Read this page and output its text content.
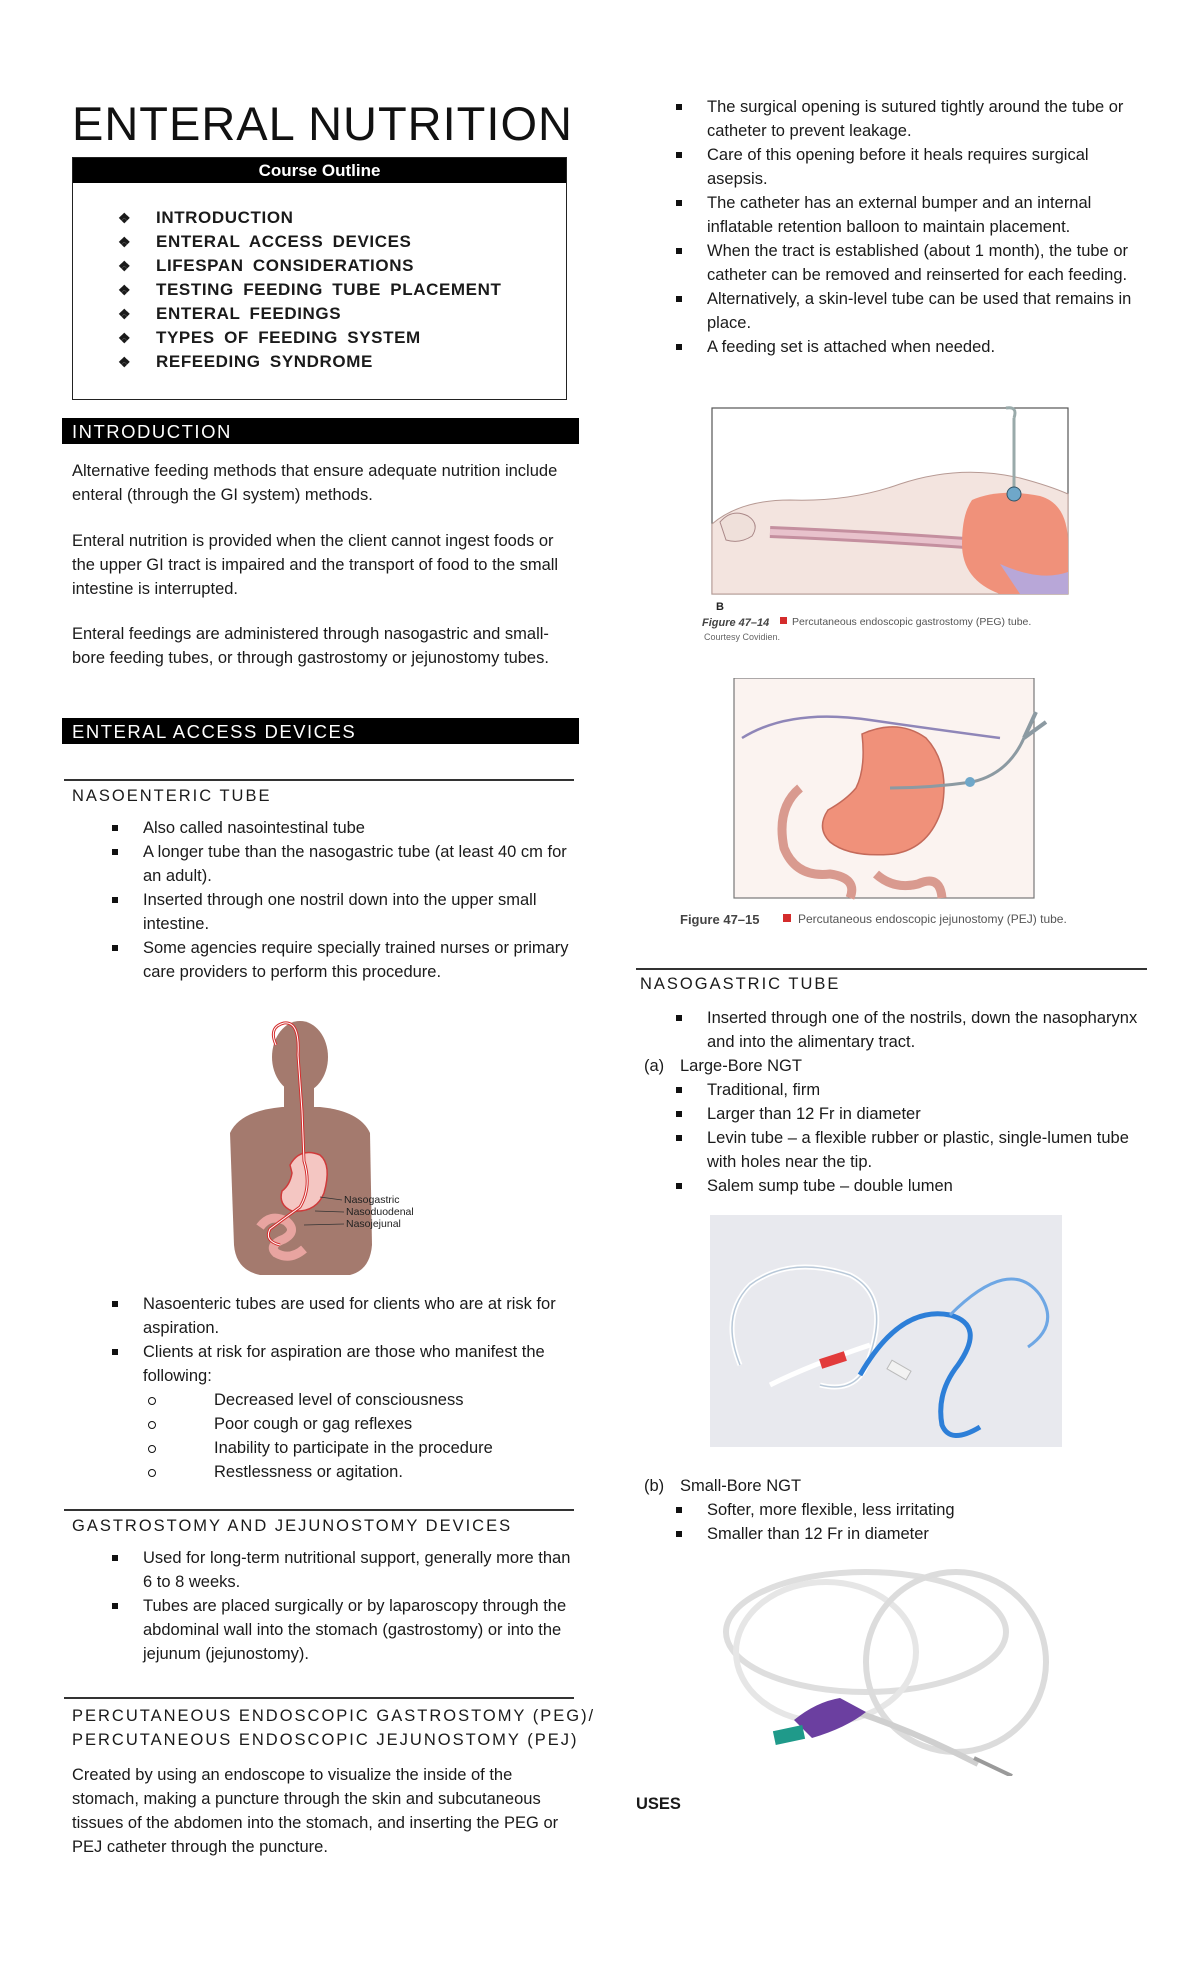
ENTERAL NUTRITION
Course Outline
❖ INTRODUCTION
❖ ENTERAL ACCESS DEVICES
❖ LIFESPAN CONSIDERATIONS
❖ TESTING FEEDING TUBE PLACEMENT
❖ ENTERAL FEEDINGS
❖ TYPES OF FEEDING SYSTEM
❖ REFEEDING SYNDROME
INTRODUCTION

Alternative feeding methods that ensure adequate nutrition include enteral (through the GI system) methods.

Enteral nutrition is provided when the client cannot ingest foods or the upper GI tract is impaired and the transport of food to the small intestine is interrupted.

Enteral feedings are administered through nasogastric and small-bore feeding tubes, or through gastrostomy or jejunostomy tubes.

ENTERAL ACCESS DEVICES

NASOENTERIC TUBE

Also called nasointestinal tube
A longer tube than the nasogastric tube (at least 40 cm for an adult).
Inserted through one nostril down into the upper small intestine.
Some agencies require specially trained nurses or primary care providers to perform this procedure.
Nasogastric
Nasoduodenal
Nasojejunal
Nasoenteric tubes are used for clients who are at risk for aspiration.
Clients at risk for aspiration are those who manifest the following:
Decreased level of consciousness
Poor cough or gag reflexes
Inability to participate in the procedure
Restlessness or agitation.

GASTROSTOMY AND JEJUNOSTOMY DEVICES

Used for long-term nutritional support, generally more than 6 to 8 weeks.
Tubes are placed surgically or by laparoscopy through the abdominal wall into the stomach (gastrostomy) or into the jejunum (jejunostomy).

PERCUTANEOUS ENDOSCOPIC GASTROSTOMY (PEG)/

PERCUTANEOUS ENDOSCOPIC JEJUNOSTOMY (PEJ)

Created by using an endoscope to visualize the inside of the stomach, making a puncture through the skin and subcutaneous tissues of the abdomen into the stomach, and inserting the PEG or PEJ catheter through the puncture.

The surgical opening is sutured tightly around the tube or catheter to prevent leakage.
Care of this opening before it heals requires surgical asepsis.
The catheter has an external bumper and an internal inflatable retention balloon to maintain placement.
When the tract is established (about 1 month), the tube or catheter can be removed and reinserted for each feeding.
Alternatively, a skin-level tube can be used that remains in place.
A feeding set is attached when needed.
B
Figure 47–14 Percutaneous endoscopic gastrostomy (PEG) tube.
Courtesy Covidien.
Figure 47–15	Percutaneous endoscopic jejunostomy (PEJ) tube.

NASOGASTRIC TUBE

Inserted through one of the nostrils, down the nasopharynx and into the alimentary tract.

(a) Large-Bore NGT

Traditional, firm
Larger than 12 Fr in diameter
Levin tube – a flexible rubber or plastic, single-lumen tube with holes near the tip.
Salem sump tube – double lumen

(b) Small-Bore NGT

Softer, more flexible, less irritating
Smaller than 12 Fr in diameter
USES
